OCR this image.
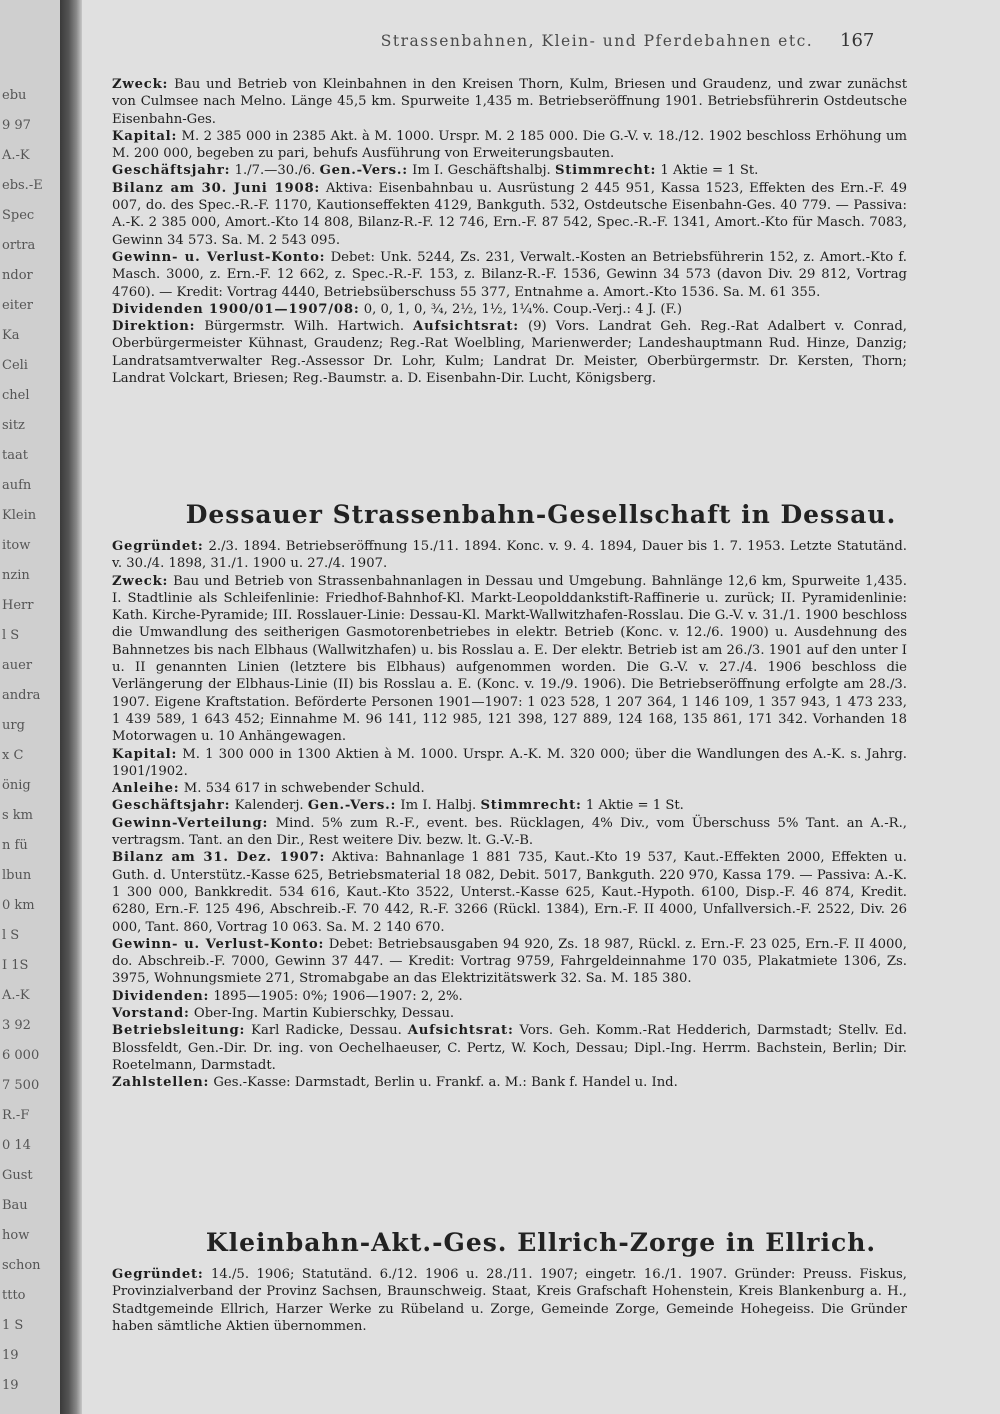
ebu
9 97
A.-K
ebs.-E
Spec
ortra
ndor
eiter
Ka
Celi
chel
sitz
taat
aufn
Klein
itow
nzin
Herr
l S
auer
andra
urg
x C
önig
s km
n fü
lbun
0 km
l S
Ⅰ 1S
A.-K
3 92
6 000
7 500
R.-F
0 14
Gust
Bau
how
schon
ttto
1 S
19
19
Strassenbahnen, Klein- und Pferdebahnen etc.	167

Zweck: Bau und Betrieb von Kleinbahnen in den Kreisen Thorn, Kulm, Briesen und Graudenz, und zwar zunächst von Culmsee nach Melno. Länge 45,5 km. Spurweite 1,435 m. Betriebseröffnung 1901. Betriebsführerin Ostdeutsche Eisenbahn-Ges.

Kapital: M. 2 385 000 in 2385 Akt. à M. 1000. Urspr. M. 2 185 000. Die G.-V. v. 18./12. 1902 beschloss Erhöhung um M. 200 000, begeben zu pari, behufs Ausführung von Erweiterungsbauten.

Geschäftsjahr: 1./7.—30./6. Gen.-Vers.: Im I. Geschäftshalbj. Stimmrecht: 1 Aktie = 1 St.

Bilanz am 30. Juni 1908: Aktiva: Eisenbahnbau u. Ausrüstung 2 445 951, Kassa 1523, Effekten des Ern.-F. 49 007, do. des Spec.-R.-F. 1170, Kautionseffekten 4129, Bankguth. 532, Ostdeutsche Eisenbahn-Ges. 40 779. — Passiva: A.-K. 2 385 000, Amort.-Kto 14 808, Bilanz-R.-F. 12 746, Ern.-F. 87 542, Spec.-R.-F. 1341, Amort.-Kto für Masch. 7083, Gewinn 34 573. Sa. M. 2 543 095.

Gewinn- u. Verlust-Konto: Debet: Unk. 5244, Zs. 231, Verwalt.-Kosten an Betriebsführerin 152, z. Amort.-Kto f. Masch. 3000, z. Ern.-F. 12 662, z. Spec.-R.-F. 153, z. Bilanz-R.-F. 1536, Gewinn 34 573 (davon Div. 29 812, Vortrag 4760). — Kredit: Vortrag 4440, Betriebsüberschuss 55 377, Entnahme a. Amort.-Kto 1536. Sa. M. 61 355.

Dividenden 1900/01—1907/08: 0, 0, 1, 0, ¾, 2½, 1½, 1¼%. Coup.-Verj.: 4 J. (F.)

Direktion: Bürgermstr. Wilh. Hartwich. Aufsichtsrat: (9) Vors. Landrat Geh. Reg.-Rat Adalbert v. Conrad, Oberbürgermeister Kühnast, Graudenz; Reg.-Rat Woelbling, Marienwerder; Landeshauptmann Rud. Hinze, Danzig; Landratsamtverwalter Reg.-Assessor Dr. Lohr, Kulm; Landrat Dr. Meister, Oberbürgermstr. Dr. Kersten, Thorn; Landrat Volckart, Briesen; Reg.-Baumstr. a. D. Eisenbahn-Dir. Lucht, Königsberg.

Dessauer Strassenbahn-Gesellschaft in Dessau.

Gegründet: 2./3. 1894. Betriebseröffnung 15./11. 1894. Konc. v. 9. 4. 1894, Dauer bis 1. 7. 1953. Letzte Statutänd. v. 30./4. 1898, 31./1. 1900 u. 27./4. 1907.

Zweck: Bau und Betrieb von Strassenbahnanlagen in Dessau und Umgebung. Bahnlänge 12,6 km, Spurweite 1,435. I. Stadtlinie als Schleifenlinie: Friedhof-Bahnhof-Kl. Markt-Leopolddankstift-Raffinerie u. zurück; II. Pyramidenlinie: Kath. Kirche-Pyramide; III. Rosslauer-Linie: Dessau-Kl. Markt-Wallwitzhafen-Rosslau. Die G.-V. v. 31./1. 1900 beschloss die Umwandlung des seitherigen Gasmotorenbetriebes in elektr. Betrieb (Konc. v. 12./6. 1900) u. Ausdehnung des Bahnnetzes bis nach Elbhaus (Wallwitzhafen) u. bis Rosslau a. E. Der elektr. Betrieb ist am 26./3. 1901 auf den unter I u. II genannten Linien (letztere bis Elbhaus) aufgenommen worden. Die G.-V. v. 27./4. 1906 beschloss die Verlängerung der Elbhaus-Linie (II) bis Rosslau a. E. (Konc. v. 19./9. 1906). Die Betriebseröffnung erfolgte am 28./3. 1907. Eigene Kraftstation. Beförderte Personen 1901—1907: 1 023 528, 1 207 364, 1 146 109, 1 357 943, 1 473 233, 1 439 589, 1 643 452; Einnahme M. 96 141, 112 985, 121 398, 127 889, 124 168, 135 861, 171 342. Vorhanden 18 Motorwagen u. 10 Anhängewagen.

Kapital: M. 1 300 000 in 1300 Aktien à M. 1000. Urspr. A.-K. M. 320 000; über die Wandlungen des A.-K. s. Jahrg. 1901/1902.

Anleihe: M. 534 617 in schwebender Schuld.

Geschäftsjahr: Kalenderj. Gen.-Vers.: Im I. Halbj. Stimmrecht: 1 Aktie = 1 St.

Gewinn-Verteilung: Mind. 5% zum R.-F., event. bes. Rücklagen, 4% Div., vom Überschuss 5% Tant. an A.-R., vertragsm. Tant. an den Dir., Rest weitere Div. bezw. lt. G.-V.-B.

Bilanz am 31. Dez. 1907: Aktiva: Bahnanlage 1 881 735, Kaut.-Kto 19 537, Kaut.-Effekten 2000, Effekten u. Guth. d. Unterstütz.-Kasse 625, Betriebsmaterial 18 082, Debit. 5017, Bankguth. 220 970, Kassa 179. — Passiva: A.-K. 1 300 000, Bankkredit. 534 616, Kaut.-Kto 3522, Unterst.-Kasse 625, Kaut.-Hypoth. 6100, Disp.-F. 46 874, Kredit. 6280, Ern.-F. 125 496, Abschreib.-F. 70 442, R.-F. 3266 (Rückl. 1384), Ern.-F. II 4000, Unfallversich.-F. 2522, Div. 26 000, Tant. 860, Vortrag 10 063. Sa. M. 2 140 670.

Gewinn- u. Verlust-Konto: Debet: Betriebsausgaben 94 920, Zs. 18 987, Rückl. z. Ern.-F. 23 025, Ern.-F. II 4000, do. Abschreib.-F. 7000, Gewinn 37 447. — Kredit: Vortrag 9759, Fahrgeldeinnahme 170 035, Plakatmiete 1306, Zs. 3975, Wohnungsmiete 271, Stromabgabe an das Elektrizitätswerk 32. Sa. M. 185 380.

Dividenden: 1895—1905: 0%; 1906—1907: 2, 2%.

Vorstand: Ober-Ing. Martin Kubierschky, Dessau.

Betriebsleitung: Karl Radicke, Dessau. Aufsichtsrat: Vors. Geh. Komm.-Rat Hedderich, Darmstadt; Stellv. Ed. Blossfeldt, Gen.-Dir. Dr. ing. von Oechelhaeuser, C. Pertz, W. Koch, Dessau; Dipl.-Ing. Herrm. Bachstein, Berlin; Dir. Roetelmann, Darmstadt.

Zahlstellen: Ges.-Kasse: Darmstadt, Berlin u. Frankf. a. M.: Bank f. Handel u. Ind.

Kleinbahn-Akt.-Ges. Ellrich-Zorge in Ellrich.

Gegründet: 14./5. 1906; Statutänd. 6./12. 1906 u. 28./11. 1907; eingetr. 16./1. 1907. Gründer: Preuss. Fiskus, Provinzialverband der Provinz Sachsen, Braunschweig. Staat, Kreis Grafschaft Hohenstein, Kreis Blankenburg a. H., Stadtgemeinde Ellrich, Harzer Werke zu Rübeland u. Zorge, Gemeinde Zorge, Gemeinde Hohegeiss. Die Gründer haben sämtliche Aktien übernommen.
